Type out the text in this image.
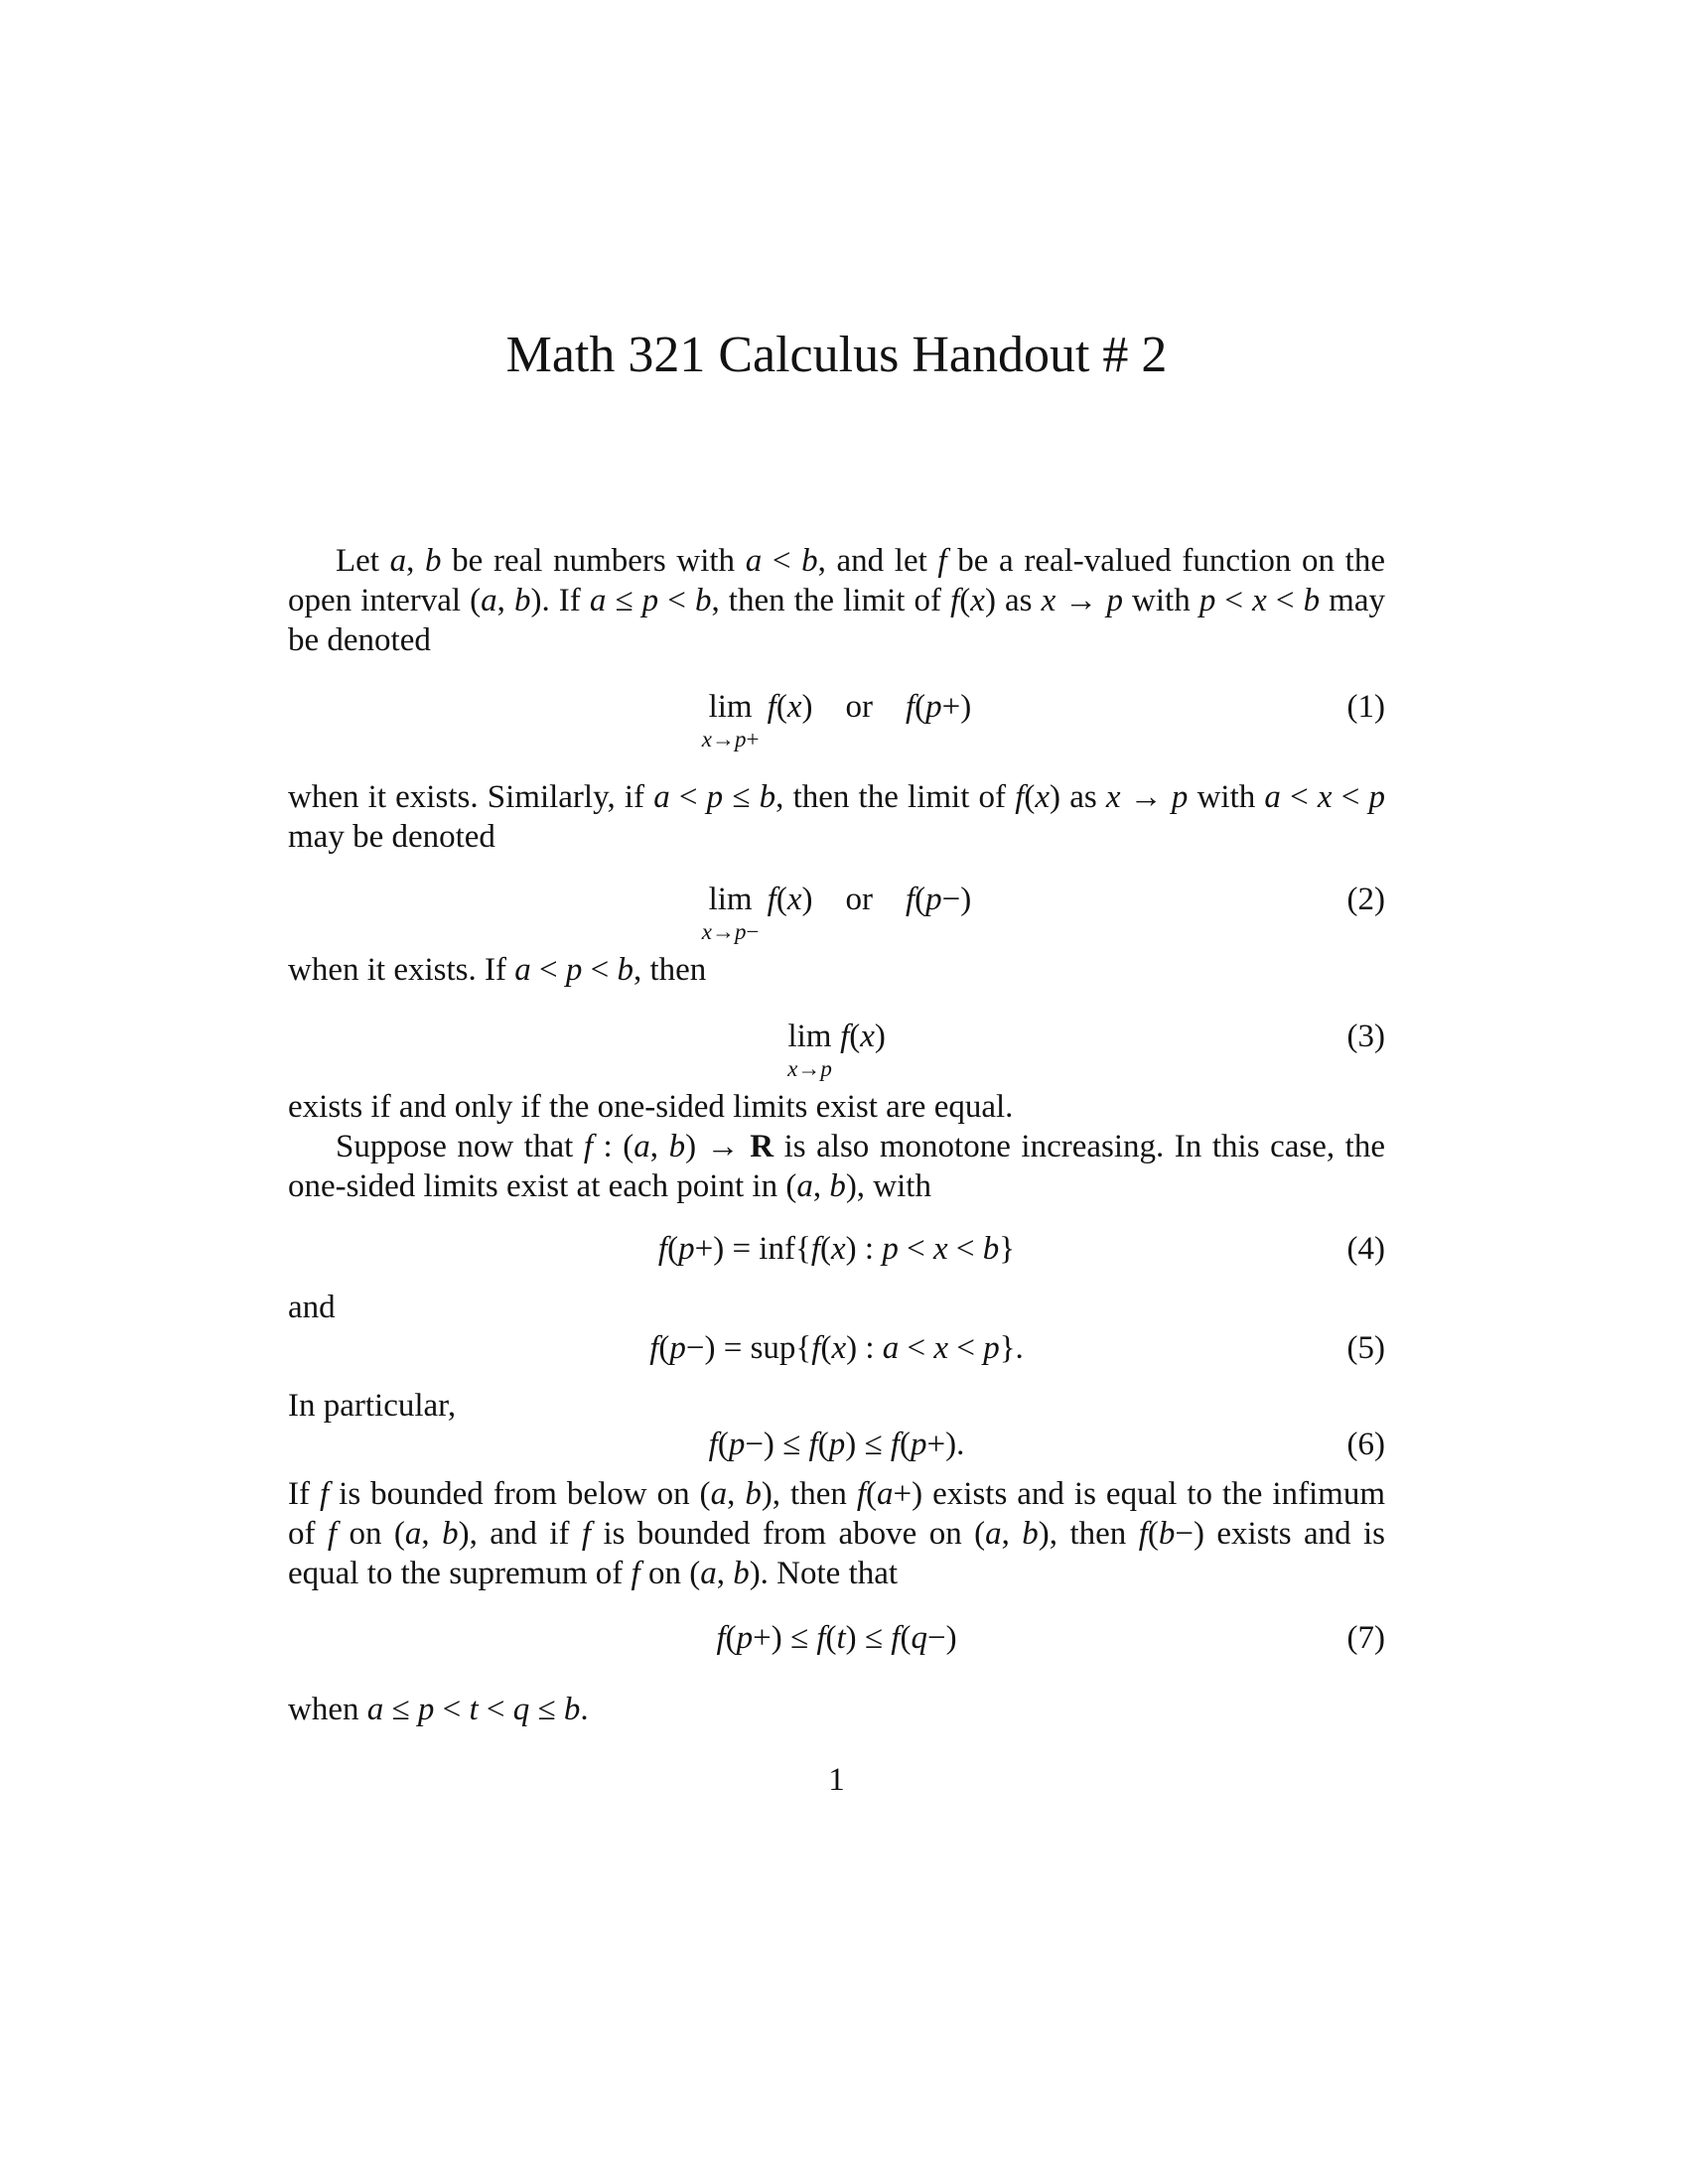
Math 321 Calculus Handout # 2

Let a, b be real numbers with a < b, and let f be a real-valued function on the open interval (a, b). If a ≤ p < b, then the limit of f(x) as x → p with p < x < b may be denoted

lim
x→p+
f(x) or f(p+)	(1)

when it exists. Similarly, if a < p ≤ b, then the limit of f(x) as x → p with a < x < p may be denoted

lim
x→p−
f(x) or f(p−)	(2)

when it exists. If a < p < b, then

lim
x→p
f(x)	(3)

exists if and only if the one-sided limits exist are equal.

Suppose now that f : (a, b) → R is also monotone increasing. In this case, the one-sided limits exist at each point in (a, b), with

f(p+) = inf{f(x) : p < x < b}	(4)

and

f(p−) = sup{f(x) : a < x < p}.	(5)

In particular,

f(p−) ≤ f(p) ≤ f(p+).	(6)

If f is bounded from below on (a, b), then f(a+) exists and is equal to the infimum of f on (a, b), and if f is bounded from above on (a, b), then f(b−) exists and is equal to the supremum of f on (a, b). Note that

f(p+) ≤ f(t) ≤ f(q−)	(7)

when a ≤ p < t < q ≤ b.

1
